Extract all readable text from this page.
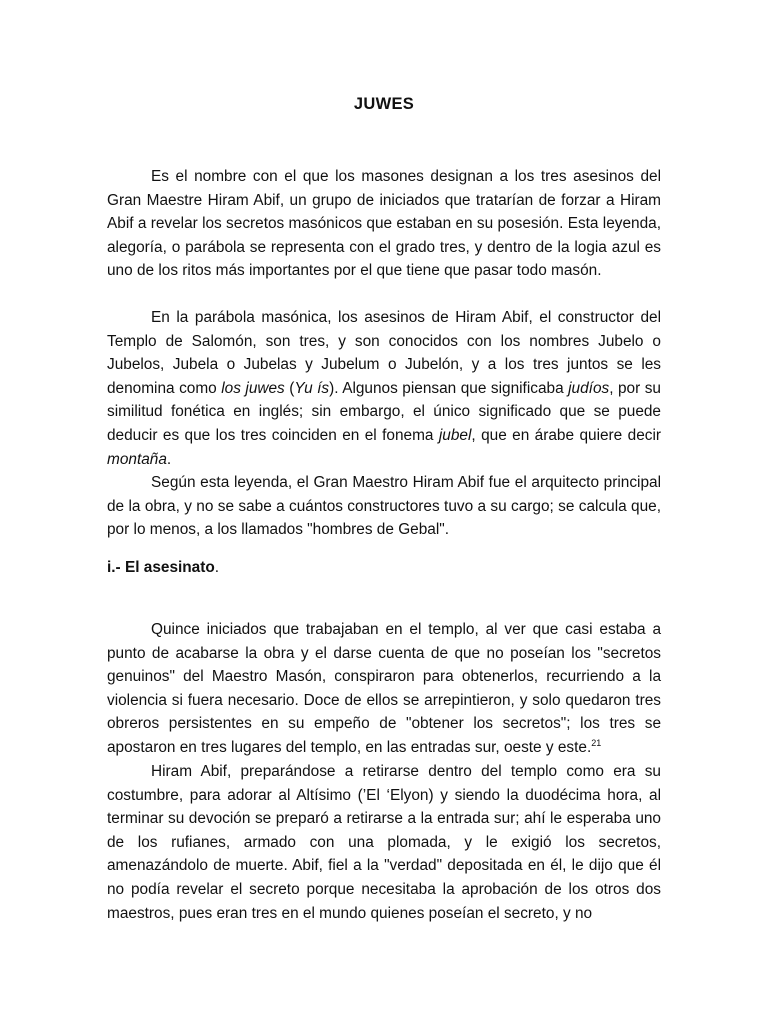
JUWES

Es el nombre con el que los masones designan a los tres asesinos del Gran Maestre Hiram Abif, un grupo de iniciados que tratarían de forzar a Hiram Abif a revelar los secretos masónicos que estaban en su posesión. Esta leyenda, alegoría, o parábola se representa con el grado tres, y dentro de la logia azul es uno de los ritos más importantes por el que tiene que pasar todo masón.

En la parábola masónica, los asesinos de Hiram Abif, el constructor del Templo de Salomón, son tres, y son conocidos con los nombres Jubelo o Jubelos, Jubela o Jubelas y Jubelum o Jubelón, y a los tres juntos se les denomina como los juwes (Yu ís). Algunos piensan que significaba judíos, por su similitud fonética en inglés; sin embargo, el único significado que se puede deducir es que los tres coinciden en el fonema jubel, que en árabe quiere decir montaña.

Según esta leyenda, el Gran Maestro Hiram Abif fue el arquitecto principal de la obra, y no se sabe a cuántos constructores tuvo a su cargo; se calcula que, por lo menos, a los llamados "hombres de Gebal".

i.- El asesinato.

Quince iniciados que trabajaban en el templo, al ver que casi estaba a punto de acabarse la obra y el darse cuenta de que no poseían los "secretos genuinos" del Maestro Masón, conspiraron para obtenerlos, recurriendo a la violencia si fuera necesario. Doce de ellos se arrepintieron, y solo quedaron tres obreros persistentes en su empeño de "obtener los secretos"; los tres se apostaron en tres lugares del templo, en las entradas sur, oeste y este.$^{21}$

Hiram Abif, preparándose a retirarse dentro del templo como era su costumbre, para adorar al Altísimo (’El ‘Elyon) y siendo la duodécima hora, al terminar su devoción se preparó a retirarse a la entrada sur; ahí le esperaba uno de los rufianes, armado con una plomada, y le exigió los secretos, amenazándolo de muerte. Abif, fiel a la "verdad" depositada en él, le dijo que él no podía revelar el secreto porque necesitaba la aprobación de los otros dos maestros, pues eran tres en el mundo quienes poseían el secreto, y no
